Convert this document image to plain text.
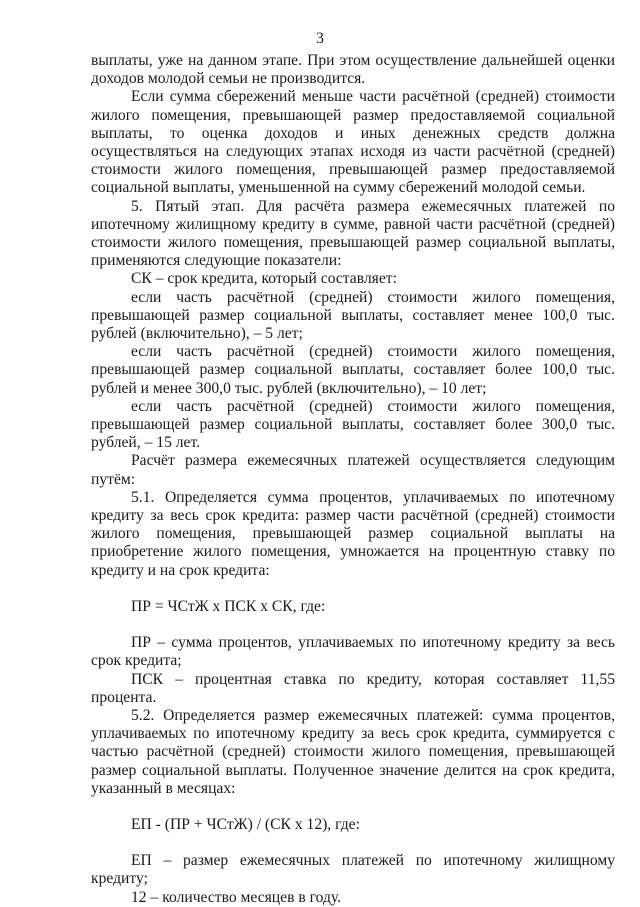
3

выплаты, уже на данном этапе. При этом осуществление дальнейшей оценки доходов молодой семьи не производится.

Если сумма сбережений меньше части расчётной (средней) стоимости жилого помещения, превышающей размер предоставляемой социальной выплаты, то оценка доходов и иных денежных средств должна осуществляться на следующих этапах исходя из части расчётной (средней) стоимости жилого помещения, превышающей размер предоставляемой социальной выплаты, уменьшенной на сумму сбережений молодой семьи.

5. Пятый этап. Для расчёта размера ежемесячных платежей по ипотечному жилищному кредиту в сумме, равной части расчётной (средней) стоимости жилого помещения, превышающей размер социальной выплаты, применяются следующие показатели:

СК – срок кредита, который составляет:

если часть расчётной (средней) стоимости жилого помещения, превышающей размер социальной выплаты, составляет менее 100,0 тыс. рублей (включительно), – 5 лет;

если часть расчётной (средней) стоимости жилого помещения, превышающей размер социальной выплаты, составляет более 100,0 тыс. рублей и менее 300,0 тыс. рублей (включительно), – 10 лет;

если часть расчётной (средней) стоимости жилого помещения, превышающей размер социальной выплаты, составляет более 300,0 тыс. рублей, – 15 лет.

Расчёт размера ежемесячных платежей осуществляется следующим путём:

5.1. Определяется сумма процентов, уплачиваемых по ипотечному кредиту за весь срок кредита: размер части расчётной (средней) стоимости жилого помещения, превышающей размер социальной выплаты на приобретение жилого помещения, умножается на процентную ставку по кредиту и на срок кредита:

ПР = ЧСтЖ х ПСК х СК, где:

ПР – сумма процентов, уплачиваемых по ипотечному кредиту за весь срок кредита;

ПСК – процентная ставка по кредиту, которая составляет 11,55 процента.

5.2. Определяется размер ежемесячных платежей: сумма процентов, уплачиваемых по ипотечному кредиту за весь срок кредита, суммируется с частью расчётной (средней) стоимости жилого помещения, превышающей размер социальной выплаты. Полученное значение делится на срок кредита, указанный в месяцах:

ЕП - (ПР + ЧСтЖ) / (СК х 12), где:

ЕП – размер ежемесячных платежей по ипотечному жилищному кредиту;

12 – количество месяцев в году.
